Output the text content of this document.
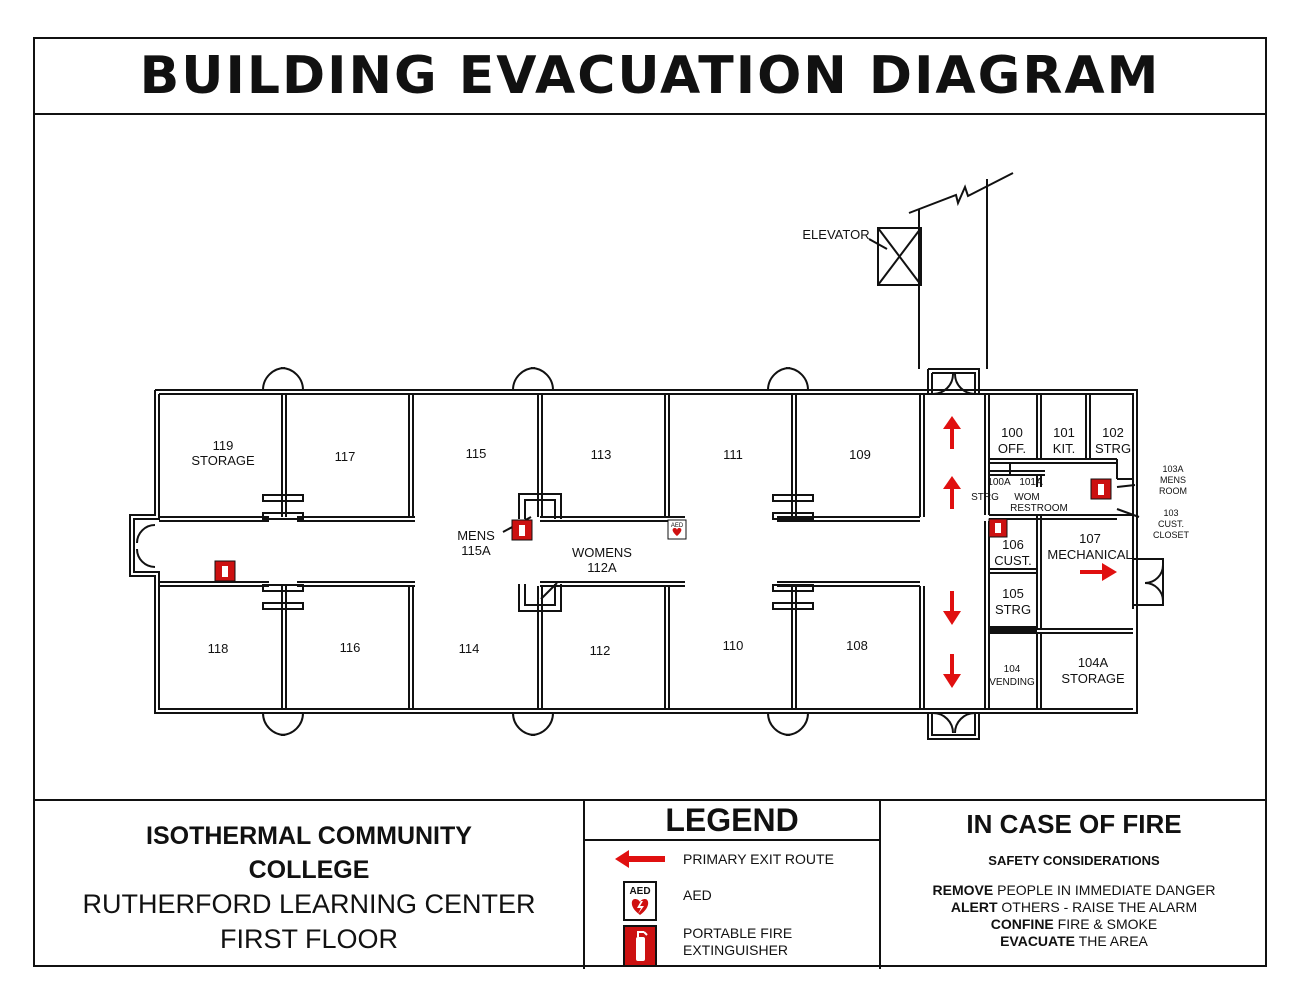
BUILDING EVACUATION DIAGRAM
119
STORAGE	117	115	113	111	109
118	116	114	112	110	108
MENS
115A	WOMENS
112A
ELEVATOR
100
OFF.
101
KIT.
102
STRG
107
MECHANICAL
106
CUST.
105
STRG
104A
STORAGE
104
VENDING
100A 101A
STRG WOM
RESTROOM
103A
MENS
ROOM
103
CUST.
CLOSET
AED
ISOTHERMAL COMMUNITY
COLLEGE
RUTHERFORD LEARNING CENTER
FIRST FLOOR
LEGEND
PRIMARY EXIT ROUTE
AED AED
PORTABLE FIRE
EXTINGUISHER
IN CASE OF FIRE
SAFETY CONSIDERATIONS
REMOVE PEOPLE IN IMMEDIATE DANGER
ALERT OTHERS - RAISE THE ALARM
CONFINE FIRE & SMOKE
EVACUATE THE AREA
